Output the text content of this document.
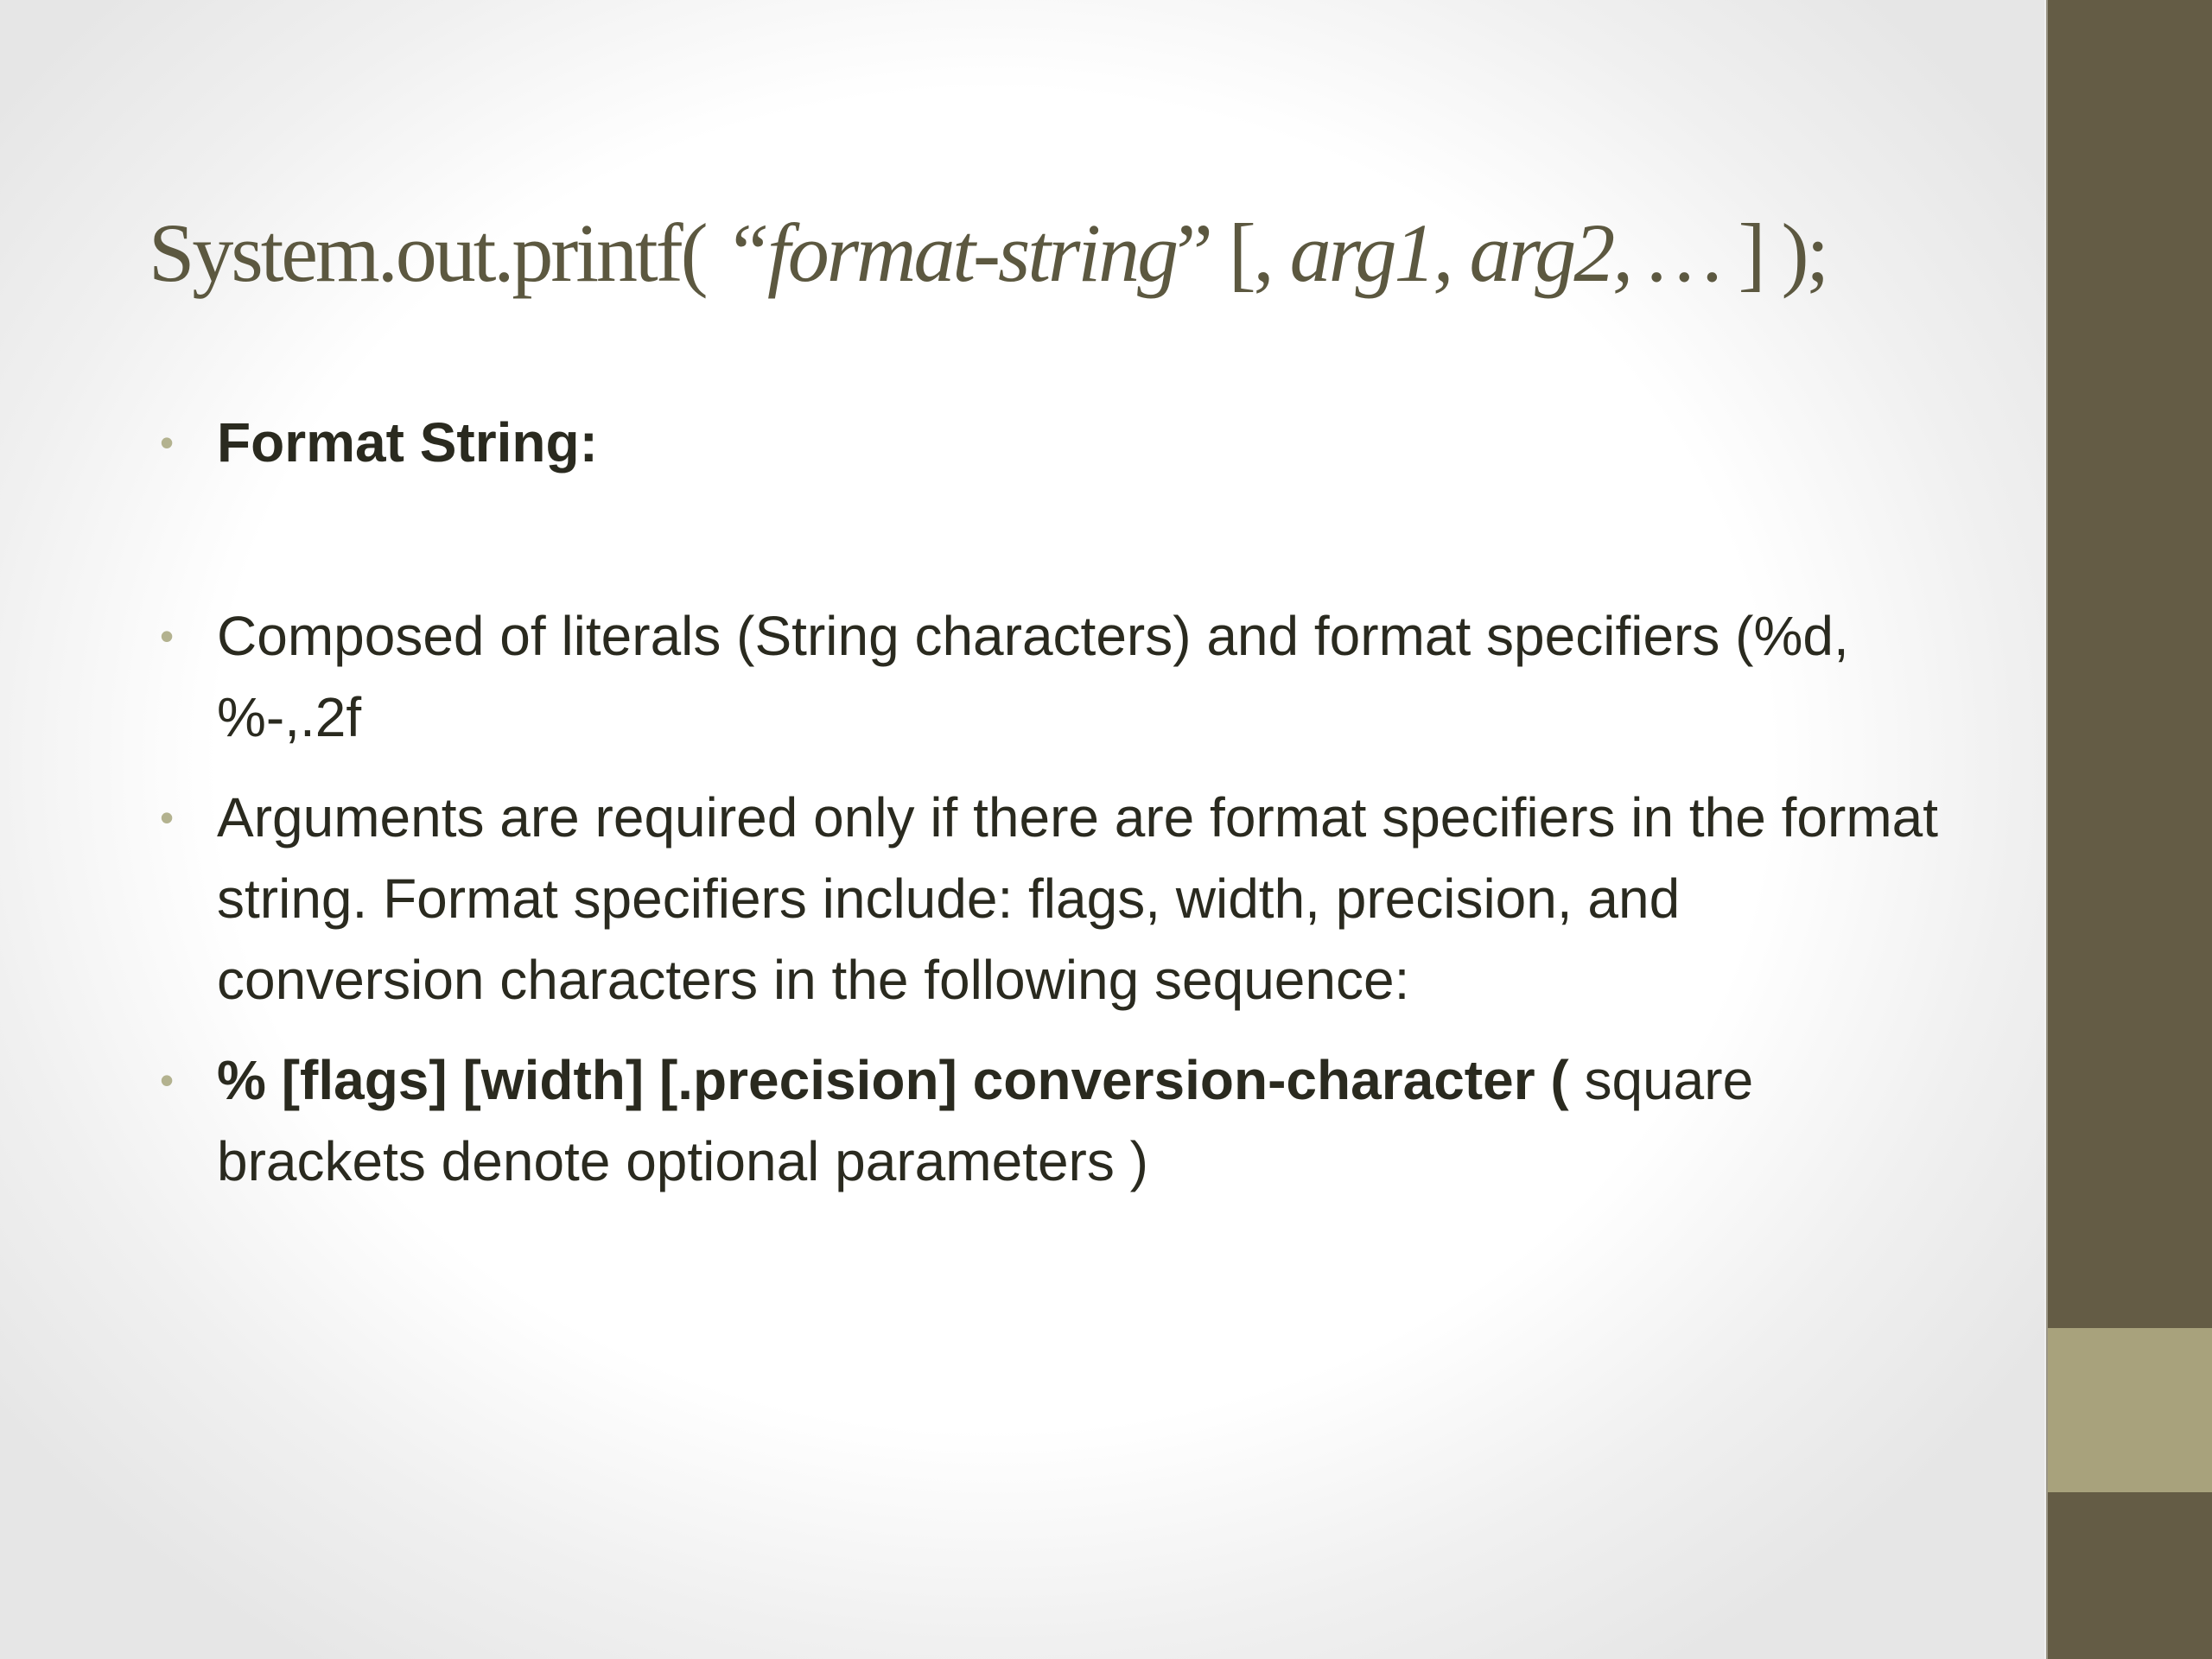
System.out.printf( “format-string” [, arg1, arg2, … ] );
• Format String:
• Composed of literals (String characters) and format specifiers (%d, %-,.2f
• Arguments are required only if there are format specifiers in the format string. Format specifiers include: flags, width, precision, and conversion characters in the following sequence:
• % [flags] [width] [.precision] conversion-character ( square brackets denote optional parameters )
